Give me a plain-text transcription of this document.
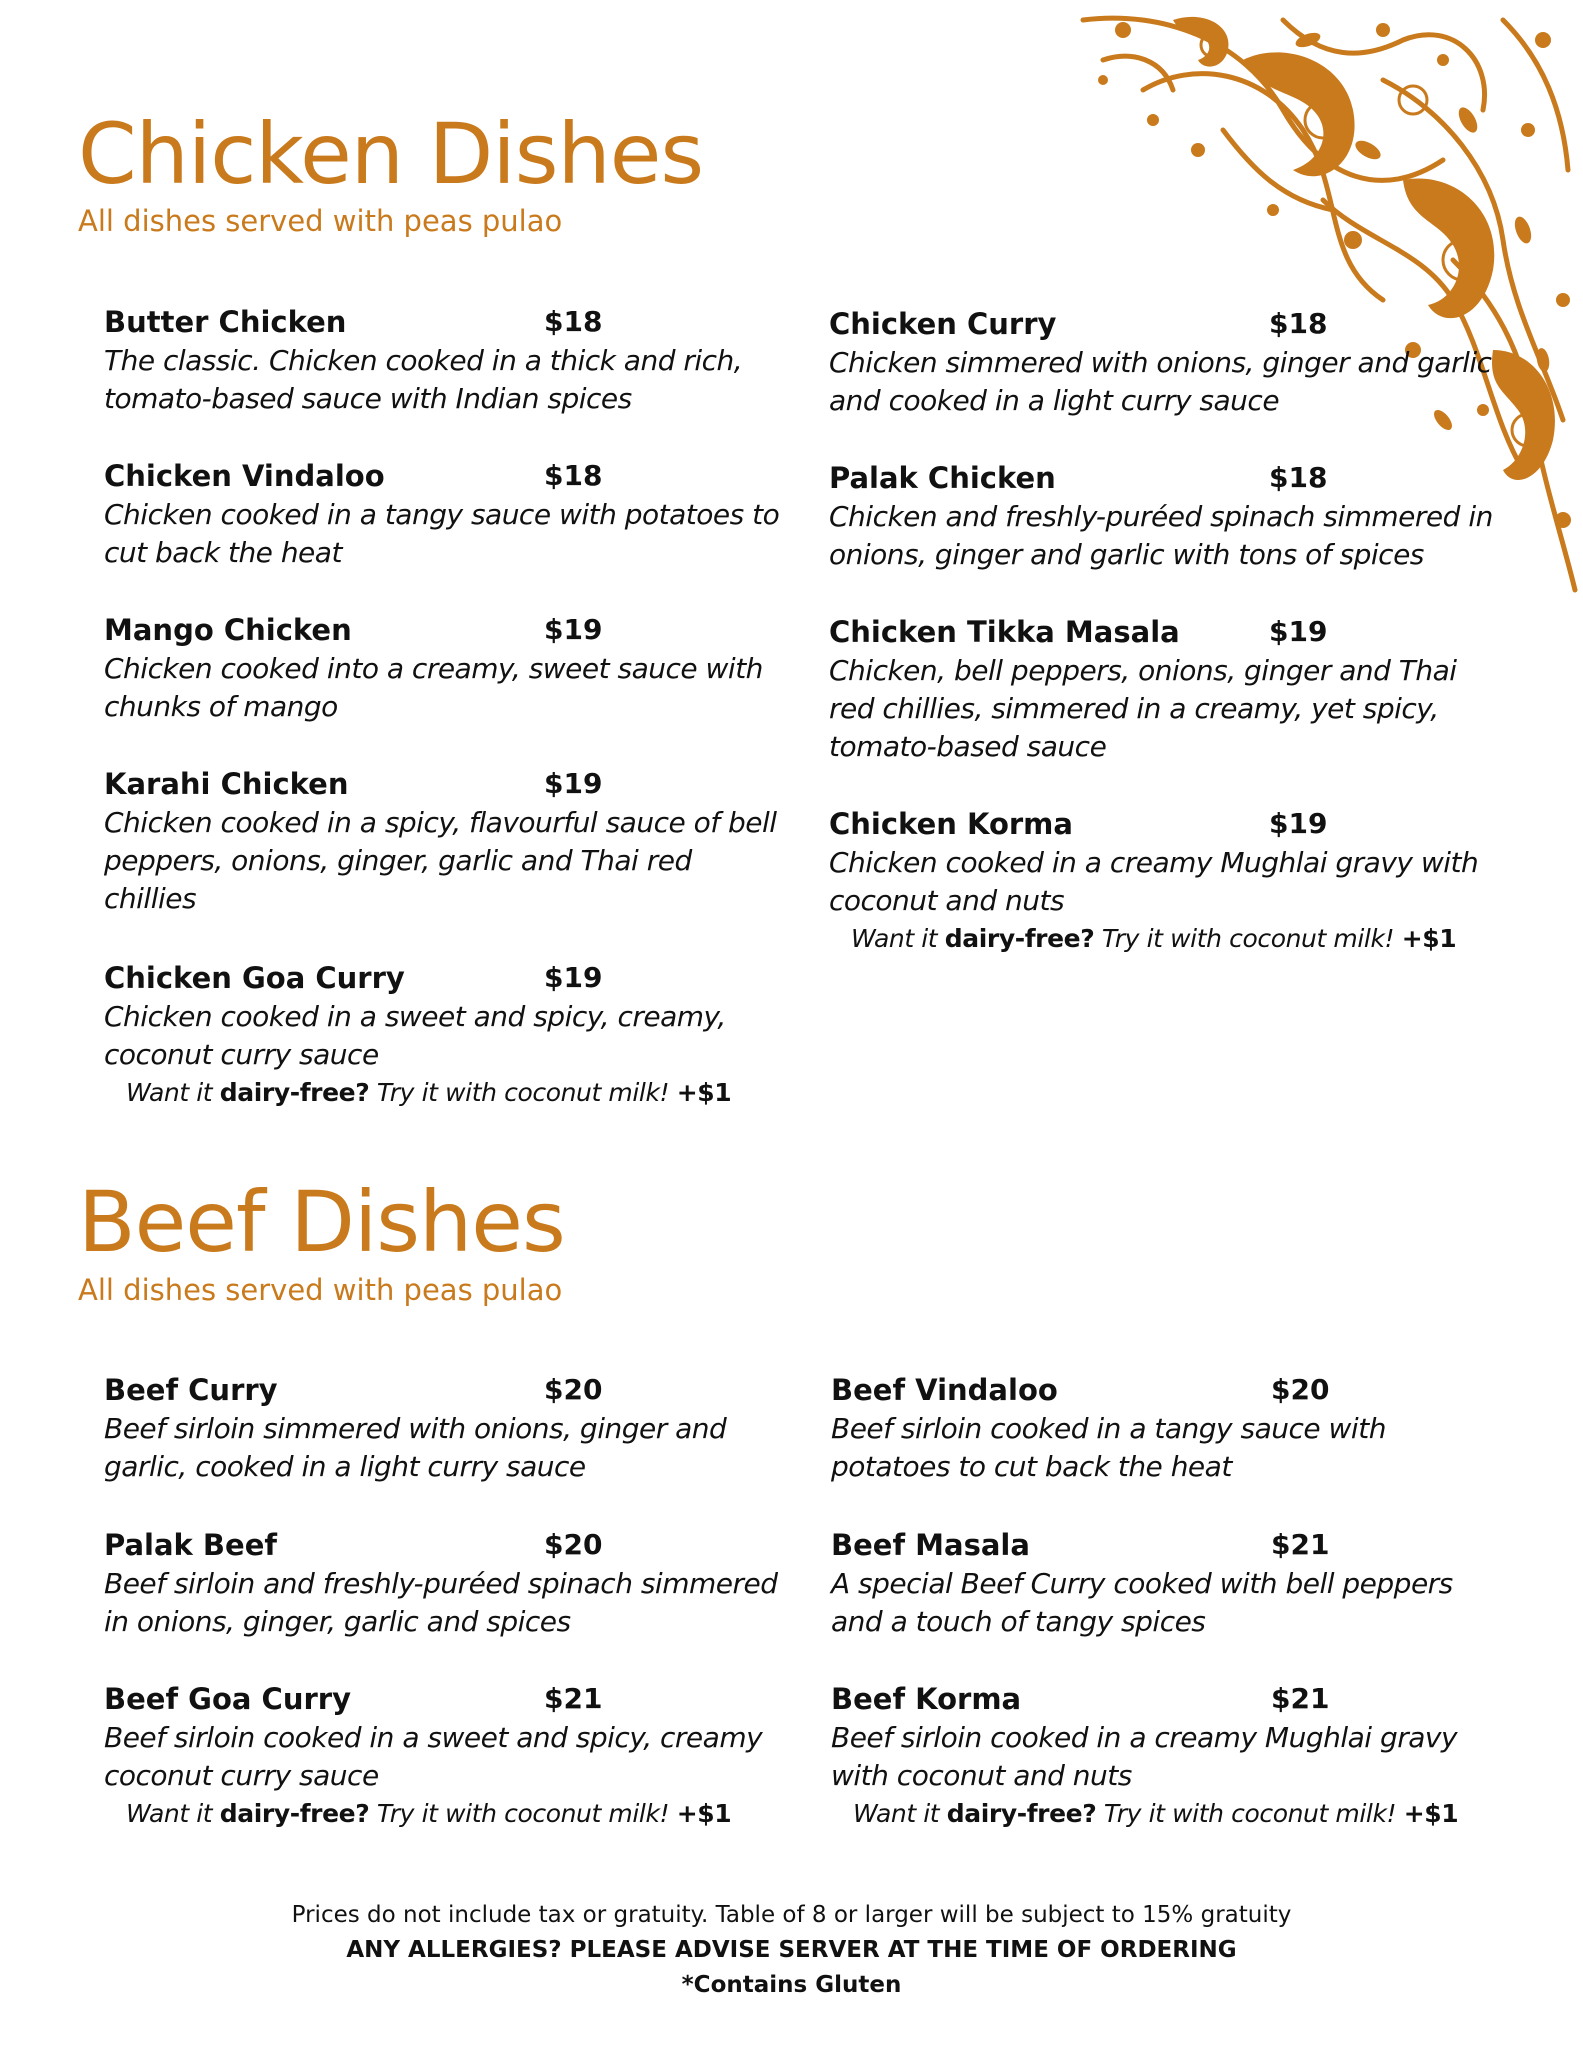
Chicken Dishes
All dishes served with peas pulao
Butter Chicken	$18
The classic. Chicken cooked in a thick and rich, tomato-based sauce with Indian spices
Chicken Vindaloo	$18
Chicken cooked in a tangy sauce with potatoes to cut back the heat
Mango Chicken	$19
Chicken cooked into a creamy, sweet sauce with chunks of mango
Karahi Chicken	$19
Chicken cooked in a spicy, flavourful sauce of bell peppers, onions, ginger, garlic and Thai red chillies
Chicken Goa Curry	$19
Chicken cooked in a sweet and spicy, creamy, coconut curry sauce
Want it dairy-free? Try it with coconut milk! +$1
Chicken Curry	$18
Chicken simmered with onions, ginger and garlic and cooked in a light curry sauce
Palak Chicken	$18
Chicken and freshly-puréed spinach simmered in onions, ginger and garlic with tons of spices
Chicken Tikka Masala	$19
Chicken, bell peppers, onions, ginger and Thai red chillies, simmered in a creamy, yet spicy, tomato-based sauce
Chicken Korma	$19
Chicken cooked in a creamy Mughlai gravy with coconut and nuts
Want it dairy-free? Try it with coconut milk! +$1
Beef Dishes
All dishes served with peas pulao
Beef Curry	$20
Beef sirloin simmered with onions, ginger and garlic, cooked in a light curry sauce
Palak Beef	$20
Beef sirloin and freshly-puréed spinach simmered in onions, ginger, garlic and spices
Beef Goa Curry	$21
Beef sirloin cooked in a sweet and spicy, creamy coconut curry sauce
Want it dairy-free? Try it with coconut milk! +$1
Beef Vindaloo	$20
Beef sirloin cooked in a tangy sauce with potatoes to cut back the heat
Beef Masala	$21
A special Beef Curry cooked with bell peppers and a touch of tangy spices
Beef Korma	$21
Beef sirloin cooked in a creamy Mughlai gravy with coconut and nuts
Want it dairy-free? Try it with coconut milk! +$1
Prices do not include tax or gratuity. Table of 8 or larger will be subject to 15% gratuity
ANY ALLERGIES? PLEASE ADVISE SERVER AT THE TIME OF ORDERING
*Contains Gluten
